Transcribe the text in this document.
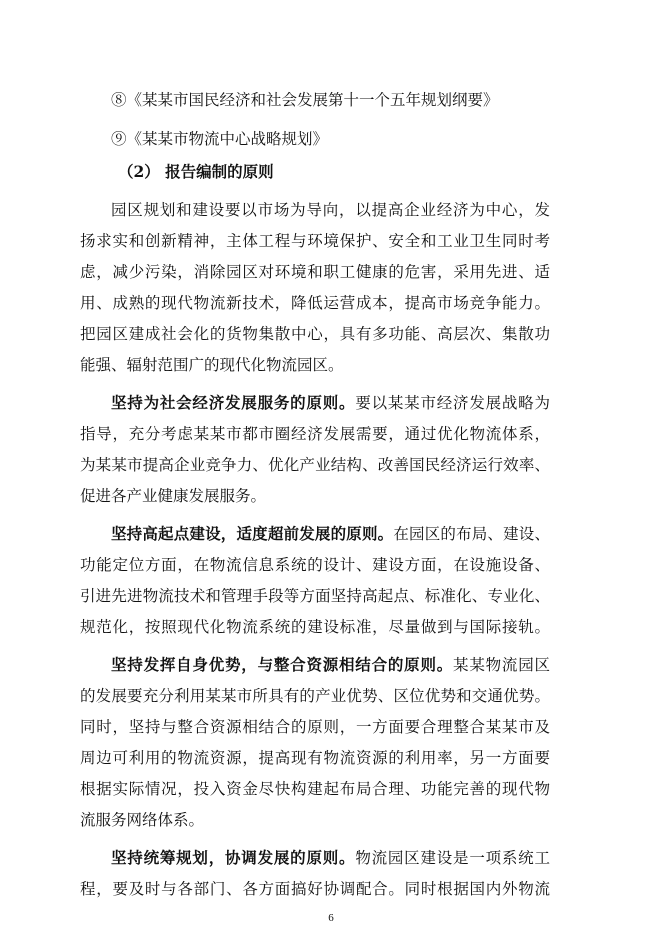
⑧《某某市国民经济和社会发展第十一个五年规划纲要》
⑨《某某市物流中心战略规划》
（2） 报告编制的原则
园区规划和建设要以市场为导向，以提高企业经济为中心，发
扬求实和创新精神，主体工程与环境保护、安全和工业卫生同时考
虑，减少污染，消除园区对环境和职工健康的危害，采用先进、适
用、成熟的现代物流新技术，降低运营成本，提高市场竞争能力。
把园区建成社会化的货物集散中心，具有多功能、高层次、集散功
能强、辐射范围广的现代化物流园区。
坚持为社会经济发展服务的原则。要以某某市经济发展战略为
指导，充分考虑某某市都市圈经济发展需要，通过优化物流体系，
为某某市提高企业竞争力、优化产业结构、改善国民经济运行效率、
促进各产业健康发展服务。
坚持高起点建设，适度超前发展的原则。在园区的布局、建设、
功能定位方面，在物流信息系统的设计、建设方面，在设施设备、
引进先进物流技术和管理手段等方面坚持高起点、标准化、专业化、
规范化，按照现代化物流系统的建设标准，尽量做到与国际接轨。
坚持发挥自身优势，与整合资源相结合的原则。某某物流园区
的发展要充分利用某某市所具有的产业优势、区位优势和交通优势。
同时，坚持与整合资源相结合的原则，一方面要合理整合某某市及
周边可利用的物流资源，提高现有物流资源的利用率，另一方面要
根据实际情况，投入资金尽快构建起布局合理、功能完善的现代物
流服务网络体系。
坚持统筹规划，协调发展的原则。物流园区建设是一项系统工
程，要及时与各部门、各方面搞好协调配合。同时根据国内外物流
6
